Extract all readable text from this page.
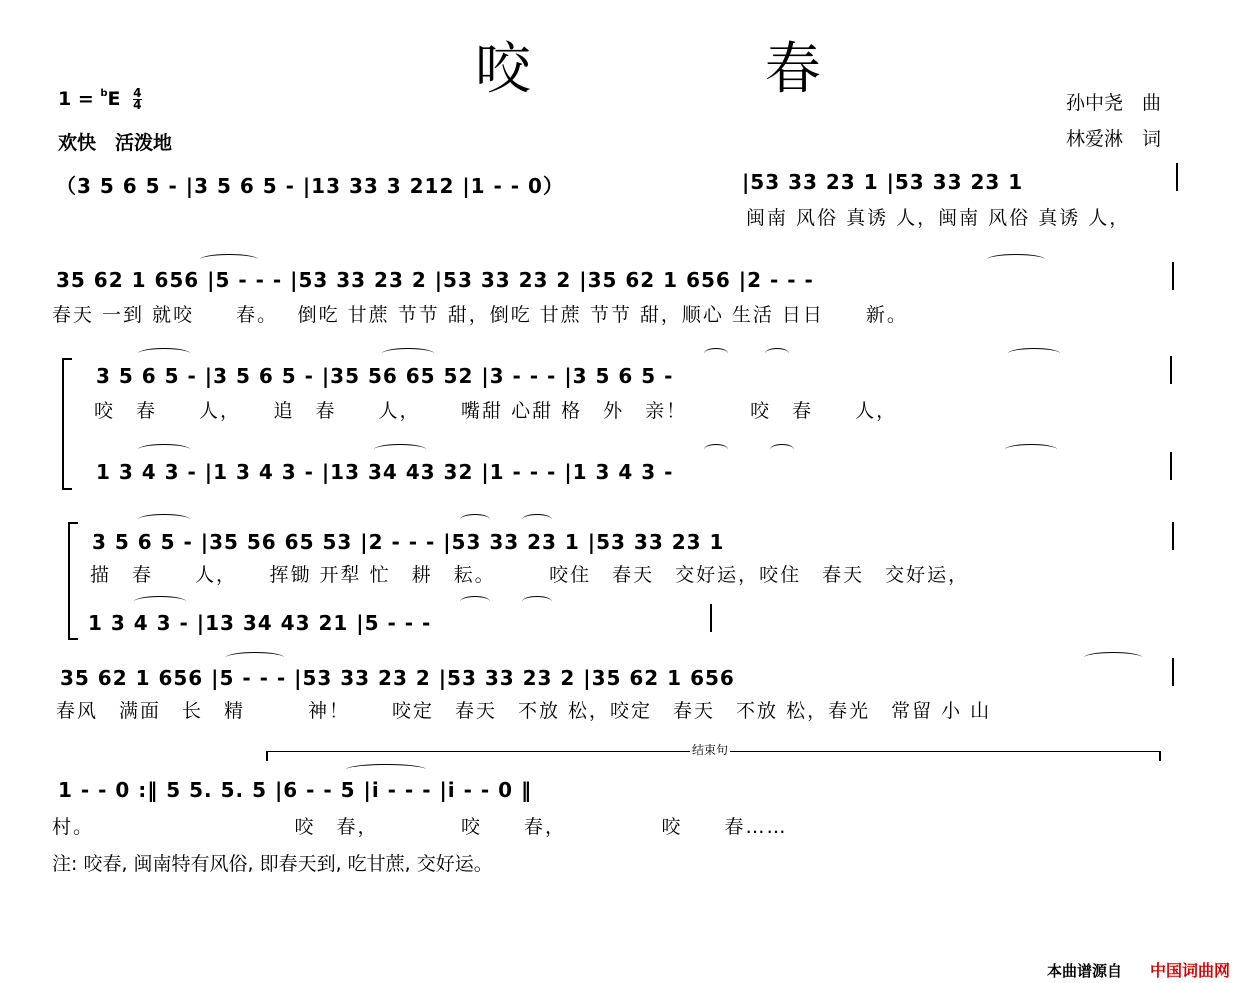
咬 春
$1 = ^bE \frac{4}{4}$
欢快　活泼地
孙中尧　曲
林爱淋　词
（3 5 6 5 - |3 5 6 5 - |13 33 3 212 |1 - - 0）	|53 33 23 1 |53 33 23 1
闽南 风俗 真诱 人，闽南 风俗 真诱 人，
35 62 1 656 |5 - - - |53 33 23 2 |53 33 23 2 |35 62 1 656 |2 - - -
春天 一到 就咬　　春。　 倒吃 甘蔗 节节 甜，倒吃 甘蔗 节节 甜，顺心 生活 日日　　新。
3 5 6 5 - |3 5 6 5 - |35 56 65 52 |3 - - - |3 5 6 5 -
咬　春　　人，　　追　春　　人，　　 嘴甜 心甜 格　外　亲！　　　咬　春　　人，
1 3 4 3 - |1 3 4 3 - |13 34 43 32 |1 - - - |1 3 4 3 -
3 5 6 5 - |35 56 65 53 |2 - - - |53 33 23 1 |53 33 23 1
描　春　　人，　　挥锄 开犁 忙　耕　耘。　　　咬住　春天　交好运，咬住　春天　交好运，
1 3 4 3 - |13 34 43 21 |5 - - -
35 62 1 656 |5 - - - |53 33 23 2 |53 33 23 2 |35 62 1 656
春风　满面　长　精　　　神！　　咬定　春天　不放 松，咬定　春天　不放 松，春光　常留 小 山
结束句
1 - - 0 :‖ 5 5. 5. 5 |6 - - 5 |i - - - |i - - 0 ‖
村。　　　　　　　　　　咬　春，　　　　 咬　　春，　　　　　咬　　春……
注: 咬春, 闽南特有风俗, 即春天到, 吃甘蔗, 交好运。
本曲谱源自 中国词曲网
